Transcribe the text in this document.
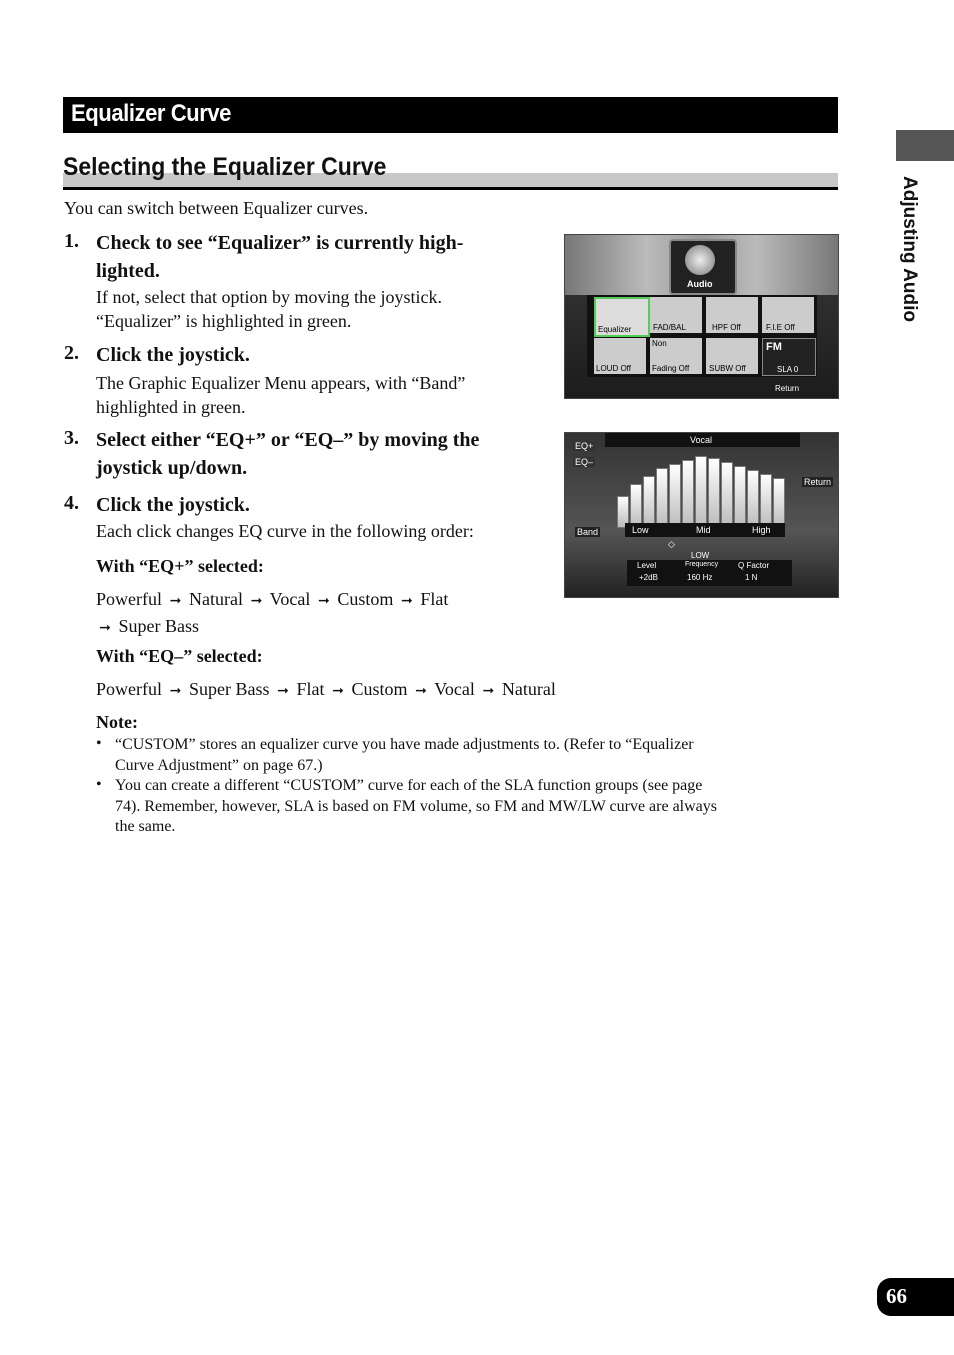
Equalizer Curve
Selecting the Equalizer Curve
You can switch between Equalizer curves.
1. Check to see “Equalizer” is currently high-
lighted.
If not, select that option by moving the joystick.
“Equalizer” is highlighted in green.
2. Click the joystick.
The Graphic Equalizer Menu appears, with “Band”
highlighted in green.
3. Select either “EQ+” or “EQ–” by moving the
joystick up/down.
4. Click the joystick.
Each click changes EQ curve in the following order:
With “EQ+” selected:
Powerful ➞ Natural ➞ Vocal ➞ Custom ➞ Flat
➞ Super Bass
With “EQ–” selected:
Powerful ➞ Super Bass ➞ Flat ➞ Custom ➞ Vocal ➞ Natural
Note:
• “CUSTOM” stores an equalizer curve you have made adjustments to. (Refer to “Equalizer
Curve Adjustment” on page 67.)
• You can create a different “CUSTOM” curve for each of the SLA function groups (see page
74). Remember, however, SLA is based on FM volume, so FM and MW/LW curve are always
the same.
Audio
Equalizer	FAD/BAL	HPF Off	F.I.E Off
LOUD Off
Non
Fading Off SUBW Off
FM
SLA 0
Return
Vocal
EQ+
EQ–
Return
Band	Low	Mid	High
◇
LOW
Level
+2dB
Frequency
160 Hz
Q Factor
1 N
Adjusting Audio
66
